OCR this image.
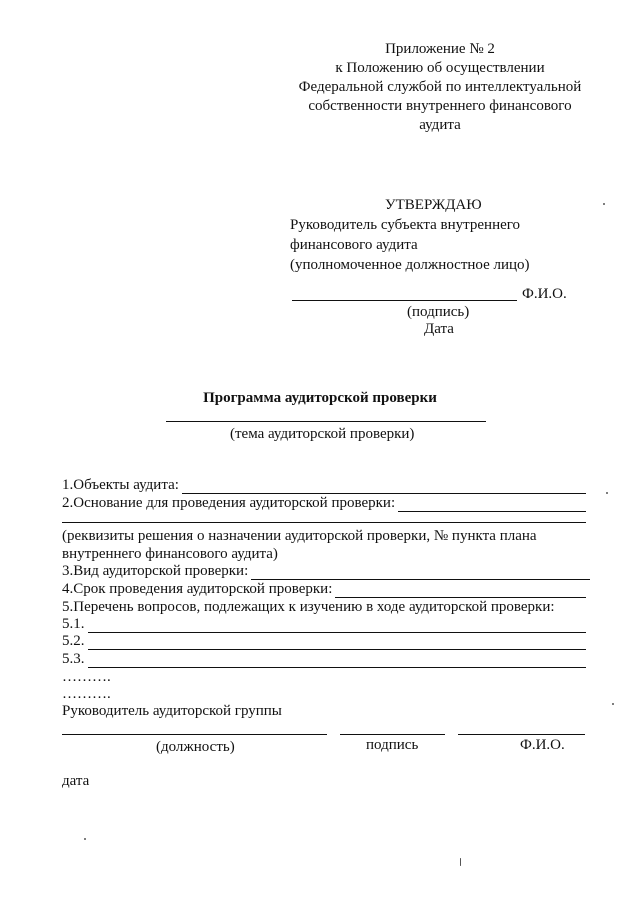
Приложение № 2
к Положению об осуществлении
Федеральной службой по интеллектуальной
собственности внутреннего финансового
аудита
УТВЕРЖДАЮ
Руководитель субъекта внутреннего
финансового аудита
(уполномоченное должностное лицо)
Ф.И.О.
(подпись)
Дата
Программа аудиторской проверки
(тема аудиторской проверки)
1.Объекты аудита:
2.Основание для проведения аудиторской проверки:
(реквизиты решения о назначении аудиторской проверки, № пункта плана
внутреннего финансового аудита)
3.Вид аудиторской проверки:
4.Срок проведения аудиторской проверки:
5.Перечень вопросов, подлежащих к изучению в ходе аудиторской проверки:
5.1.
5.2.
5.3.
……….
……….
Руководитель аудиторской группы
(должность)	подпись	Ф.И.О.
дата
